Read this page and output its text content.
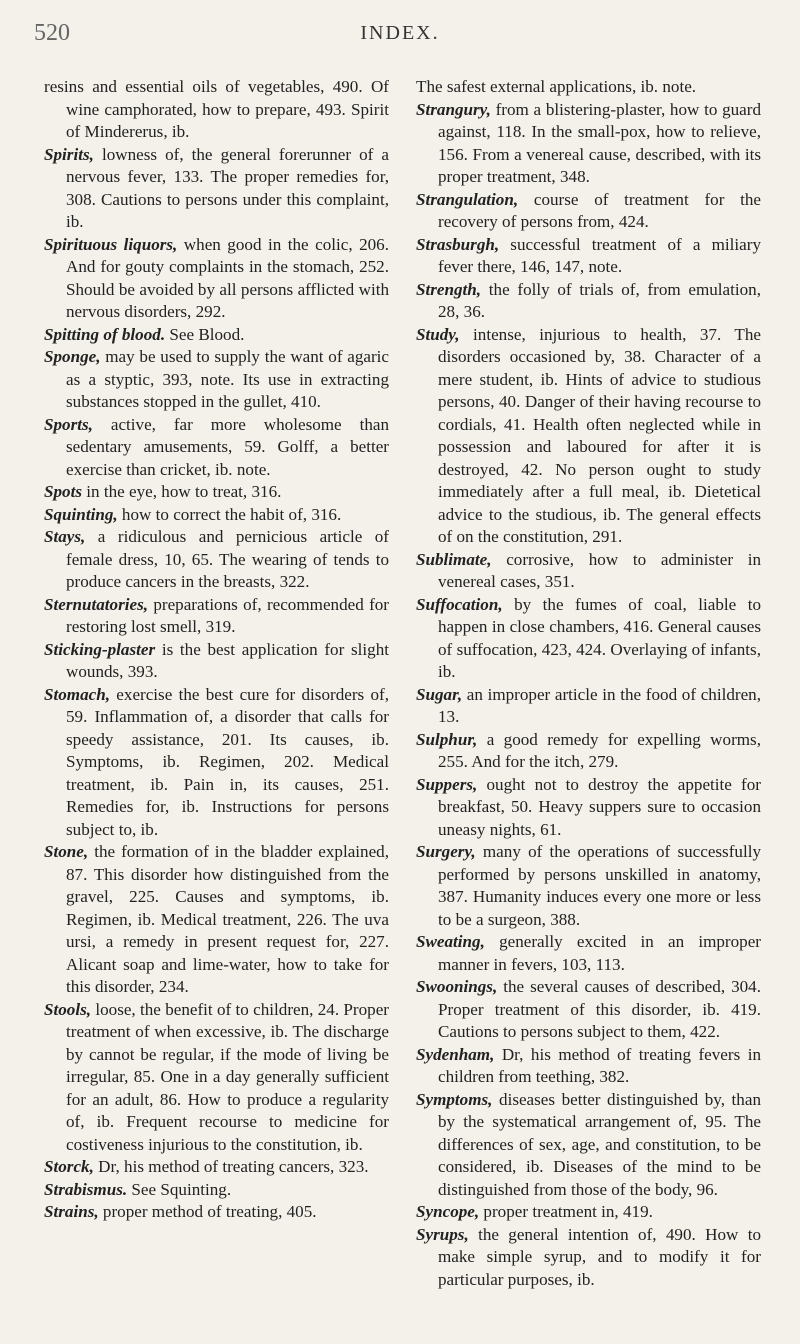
520	INDEX.

resins and essential oils of vegetables, 490. Of wine camphorated, how to prepare, 493. Spirit of Mindererus, ib.

Spirits, lowness of, the general forerunner of a nervous fever, 133. The proper remedies for, 308. Cautions to persons under this complaint, ib.

Spirituous liquors, when good in the colic, 206. And for gouty complaints in the stomach, 252. Should be avoided by all persons afflicted with nervous disorders, 292.

Spitting of blood. See Blood.

Sponge, may be used to supply the want of agaric as a styptic, 393, note. Its use in extracting substances stopped in the gullet, 410.

Sports, active, far more wholesome than sedentary amusements, 59. Golff, a better exercise than cricket, ib. note.

Spots in the eye, how to treat, 316.

Squinting, how to correct the habit of, 316.

Stays, a ridiculous and pernicious article of female dress, 10, 65. The wearing of tends to produce cancers in the breasts, 322.

Sternutatories, preparations of, recommended for restoring lost smell, 319.

Sticking-plaster is the best application for slight wounds, 393.

Stomach, exercise the best cure for disorders of, 59. Inflammation of, a disorder that calls for speedy assistance, 201. Its causes, ib. Symptoms, ib. Regimen, 202. Medical treatment, ib. Pain in, its causes, 251. Remedies for, ib. Instructions for persons subject to, ib.

Stone, the formation of in the bladder explained, 87. This disorder how distinguished from the gravel, 225. Causes and symptoms, ib. Regimen, ib. Medical treatment, 226. The uva ursi, a remedy in present request for, 227. Alicant soap and lime-water, how to take for this disorder, 234.

Stools, loose, the benefit of to children, 24. Proper treatment of when excessive, ib. The discharge by cannot be regular, if the mode of living be irregular, 85. One in a day generally sufficient for an adult, 86. How to produce a regularity of, ib. Frequent recourse to medicine for costiveness injurious to the constitution, ib.

Storck, Dr, his method of treating cancers, 323.

Strabismus. See Squinting.

Strains, proper method of treating, 405.

The safest external applications, ib. note.

Strangury, from a blistering-plaster, how to guard against, 118. In the small-pox, how to relieve, 156. From a venereal cause, described, with its proper treatment, 348.

Strangulation, course of treatment for the recovery of persons from, 424.

Strasburgh, successful treatment of a miliary fever there, 146, 147, note.

Strength, the folly of trials of, from emulation, 28, 36.

Study, intense, injurious to health, 37. The disorders occasioned by, 38. Character of a mere student, ib. Hints of advice to studious persons, 40. Danger of their having recourse to cordials, 41. Health often neglected while in possession and laboured for after it is destroyed, 42. No person ought to study immediately after a full meal, ib. Dietetical advice to the studious, ib. The general effects of on the constitution, 291.

Sublimate, corrosive, how to administer in venereal cases, 351.

Suffocation, by the fumes of coal, liable to happen in close chambers, 416. General causes of suffocation, 423, 424. Overlaying of infants, ib.

Sugar, an improper article in the food of children, 13.

Sulphur, a good remedy for expelling worms, 255. And for the itch, 279.

Suppers, ought not to destroy the appetite for breakfast, 50. Heavy suppers sure to occasion uneasy nights, 61.

Surgery, many of the operations of successfully performed by persons unskilled in anatomy, 387. Humanity induces every one more or less to be a surgeon, 388.

Sweating, generally excited in an improper manner in fevers, 103, 113.

Swoonings, the several causes of described, 304. Proper treatment of this disorder, ib. 419. Cautions to persons subject to them, 422.

Sydenham, Dr, his method of treating fevers in children from teething, 382.

Symptoms, diseases better distinguished by, than by the systematical arrangement of, 95. The differences of sex, age, and constitution, to be considered, ib. Diseases of the mind to be distinguished from those of the body, 96.

Syncope, proper treatment in, 419.

Syrups, the general intention of, 490. How to make simple syrup, and to modify it for particular purposes, ib.
